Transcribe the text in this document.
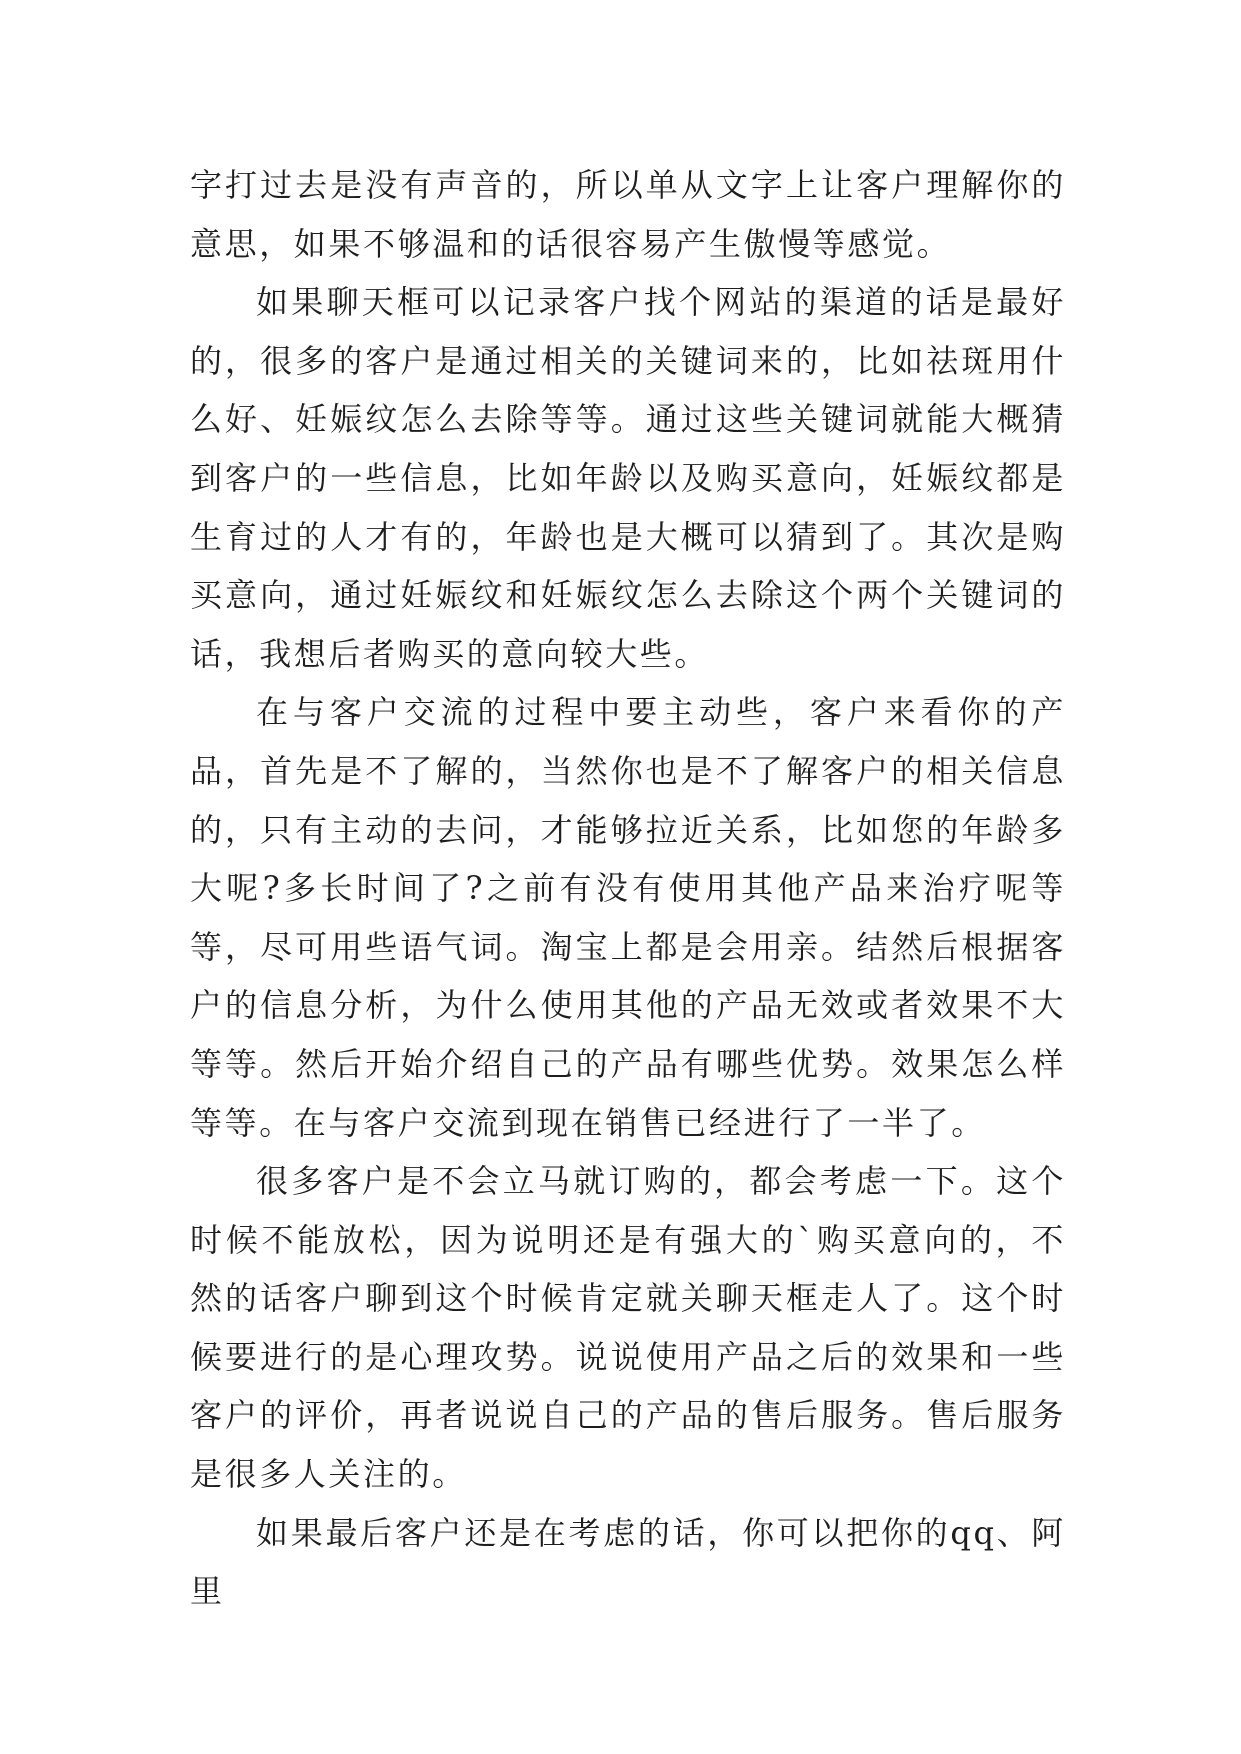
字打过去是没有声音的，所以单从文字上让客户理解你的意思，如果不够温和的话很容易产生傲慢等感觉。

如果聊天框可以记录客户找个网站的渠道的话是最好的，很多的客户是通过相关的关键词来的，比如祛斑用什么好、妊娠纹怎么去除等等。通过这些关键词就能大概猜到客户的一些信息，比如年龄以及购买意向，妊娠纹都是生育过的人才有的，年龄也是大概可以猜到了。其次是购买意向，通过妊娠纹和妊娠纹怎么去除这个两个关键词的话，我想后者购买的意向较大些。

在与客户交流的过程中要主动些，客户来看你的产品，首先是不了解的，当然你也是不了解客户的相关信息的，只有主动的去问，才能够拉近关系，比如您的年龄多大呢?多长时间了?之前有没有使用其他产品来治疗呢等等，尽可用些语气词。淘宝上都是会用亲。结然后根据客户的信息分析，为什么使用其他的产品无效或者效果不大等等。然后开始介绍自己的产品有哪些优势。效果怎么样等等。在与客户交流到现在销售已经进行了一半了。

很多客户是不会立马就订购的，都会考虑一下。这个时候不能放松，因为说明还是有强大的`购买意向的，不然的话客户聊到这个时候肯定就关聊天框走人了。这个时候要进行的是心理攻势。说说使用产品之后的效果和一些客户的评价，再者说说自己的产品的售后服务。售后服务是很多人关注的。

如果最后客户还是在考虑的话，你可以把你的qq、阿里
